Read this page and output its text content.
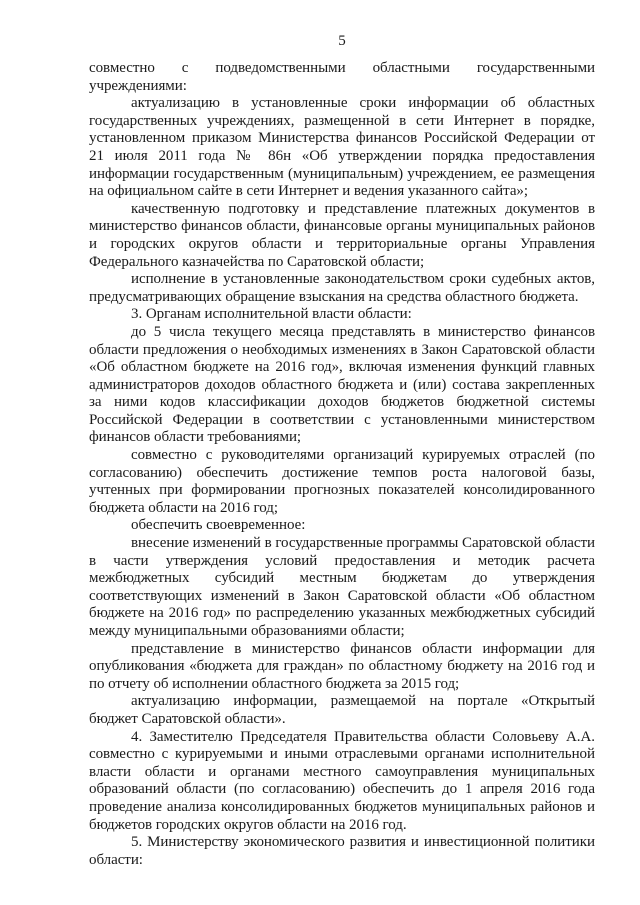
5

совместно с подведомственными областными государственными учреждениями:

актуализацию в установленные сроки информации об областных государственных учреждениях, размещенной в сети Интернет в порядке, установленном приказом Министерства финансов Российской Федерации от 21 июля 2011 года № 86н «Об утверждении порядка предоставления информации государственным (муниципальным) учреждением, ее размещения на официальном сайте в сети Интернет и ведения указанного сайта»;

качественную подготовку и представление платежных документов в министерство финансов области, финансовые органы муниципальных районов и городских округов области и территориальные органы Управления Федерального казначейства по Саратовской области;

исполнение в установленные законодательством сроки судебных актов, предусматривающих обращение взыскания на средства областного бюджета.

3. Органам исполнительной власти области:

до 5 числа текущего месяца представлять в министерство финансов области предложения о необходимых изменениях в Закон Саратовской области «Об областном бюджете на 2016 год», включая изменения функций главных администраторов доходов областного бюджета и (или) состава закрепленных за ними кодов классификации доходов бюджетов бюджетной системы Российской Федерации в соответствии с установленными министерством финансов области требованиями;

совместно с руководителями организаций курируемых отраслей (по согласованию) обеспечить достижение темпов роста налоговой базы, учтенных при формировании прогнозных показателей консолидированного бюджета области на 2016 год;

обеспечить своевременное:

внесение изменений в государственные программы Саратовской области в части утверждения условий предоставления и методик расчета межбюджетных субсидий местным бюджетам до утверждения соответствующих изменений в Закон Саратовской области «Об областном бюджете на 2016 год» по распределению указанных межбюджетных субсидий между муниципальными образованиями области;

представление в министерство финансов области информации для опубликования «бюджета для граждан» по областному бюджету на 2016 год и по отчету об исполнении областного бюджета за 2015 год;

актуализацию информации, размещаемой на портале «Открытый бюджет Саратовской области».

4. Заместителю Председателя Правительства области Соловьеву А.А. совместно с курируемыми и иными отраслевыми органами исполнительной власти области и органами местного самоуправления муниципальных образований области (по согласованию) обеспечить до 1 апреля 2016 года проведение анализа консолидированных бюджетов муниципальных районов и бюджетов городских округов области на 2016 год.

5. Министерству экономического развития и инвестиционной политики области:
